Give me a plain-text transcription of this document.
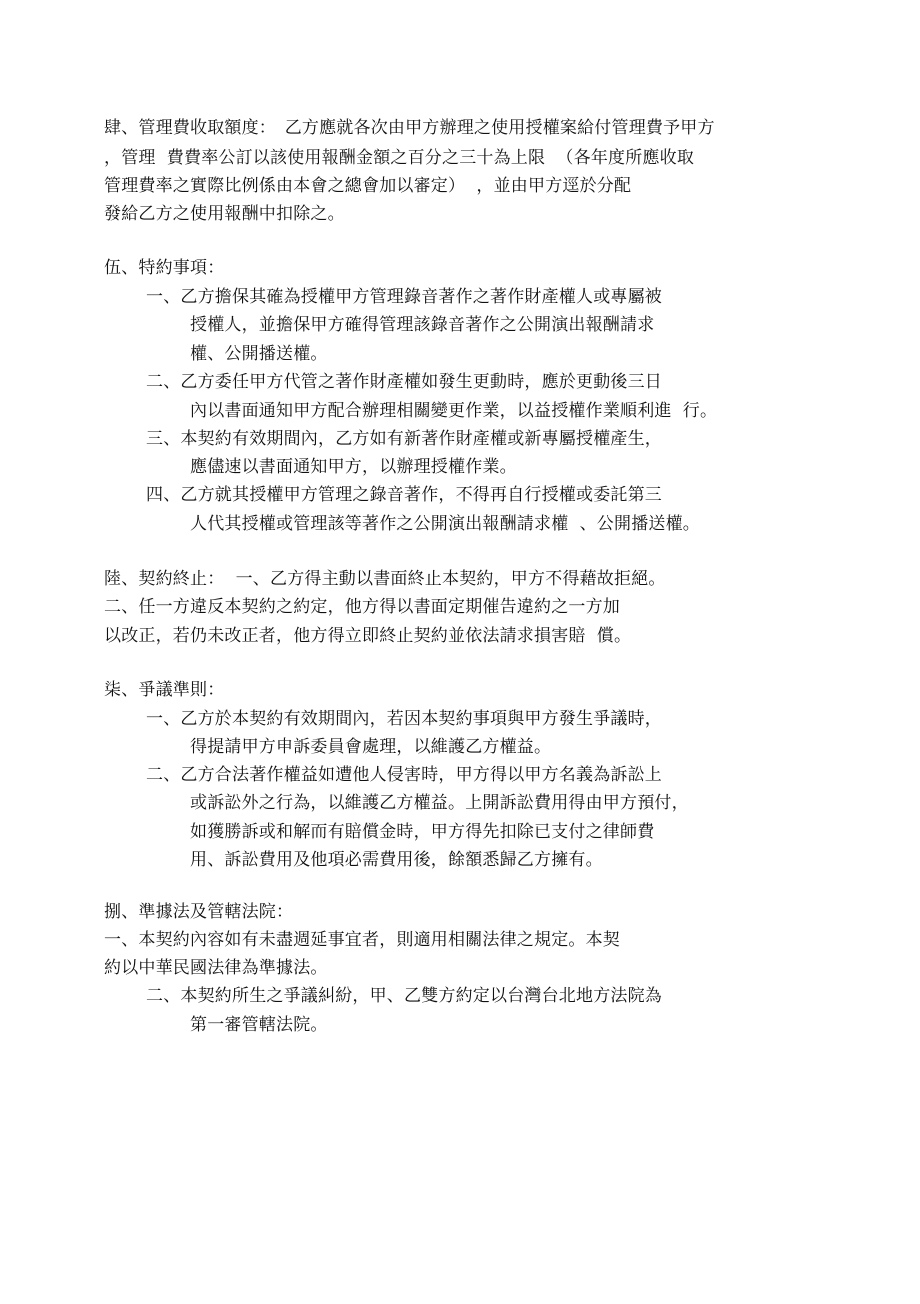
肆、管理費收取額度：　乙方應就各次由甲方辦理之使用授權案給付管理費予甲方
，管理  費費率公訂以該使用報酬金額之百分之三十為上限  （各年度所應收取
管理費率之實際比例係由本會之總會加以審定）  ，並由甲方逕於分配
發給乙方之使用報酬中扣除之。
伍、特約事項：
一、乙方擔保其確為授權甲方管理錄音著作之著作財產權人或專屬被
授權人，並擔保甲方確得管理該錄音著作之公開演出報酬請求
權、公開播送權。
二、乙方委任甲方代管之著作財產權如發生更動時，應於更動後三日
內以書面通知甲方配合辦理相關變更作業，以益授權作業順利進  行。
三、本契約有效期間內，乙方如有新著作財產權或新專屬授權產生，
應儘速以書面通知甲方，以辦理授權作業。
四、乙方就其授權甲方管理之錄音著作，不得再自行授權或委託第三
人代其授權或管理該等著作之公開演出報酬請求權  、公開播送權。
陸、契約終止：  一、乙方得主動以書面終止本契約，甲方不得藉故拒絕。
二、任一方違反本契約之約定，他方得以書面定期催告違約之一方加
以改正，若仍未改正者，他方得立即終止契約並依法請求損害賠  償。
柒、爭議準則：
一、乙方於本契約有效期間內，若因本契約事項與甲方發生爭議時，
得提請甲方申訴委員會處理，以維護乙方權益。
二、乙方合法著作權益如遭他人侵害時，甲方得以甲方名義為訴訟上
或訴訟外之行為，以維護乙方權益。上開訴訟費用得由甲方預付，
如獲勝訴或和解而有賠償金時，甲方得先扣除已支付之律師費
用、訴訟費用及他項必需費用後，餘額悉歸乙方擁有。
捌、準據法及管轄法院：
一、本契約內容如有未盡週延事宜者，則適用相關法律之規定。本契
約以中華民國法律為準據法。
二、本契約所生之爭議糾紛，甲、乙雙方約定以台灣台北地方法院為
第一審管轄法院。
